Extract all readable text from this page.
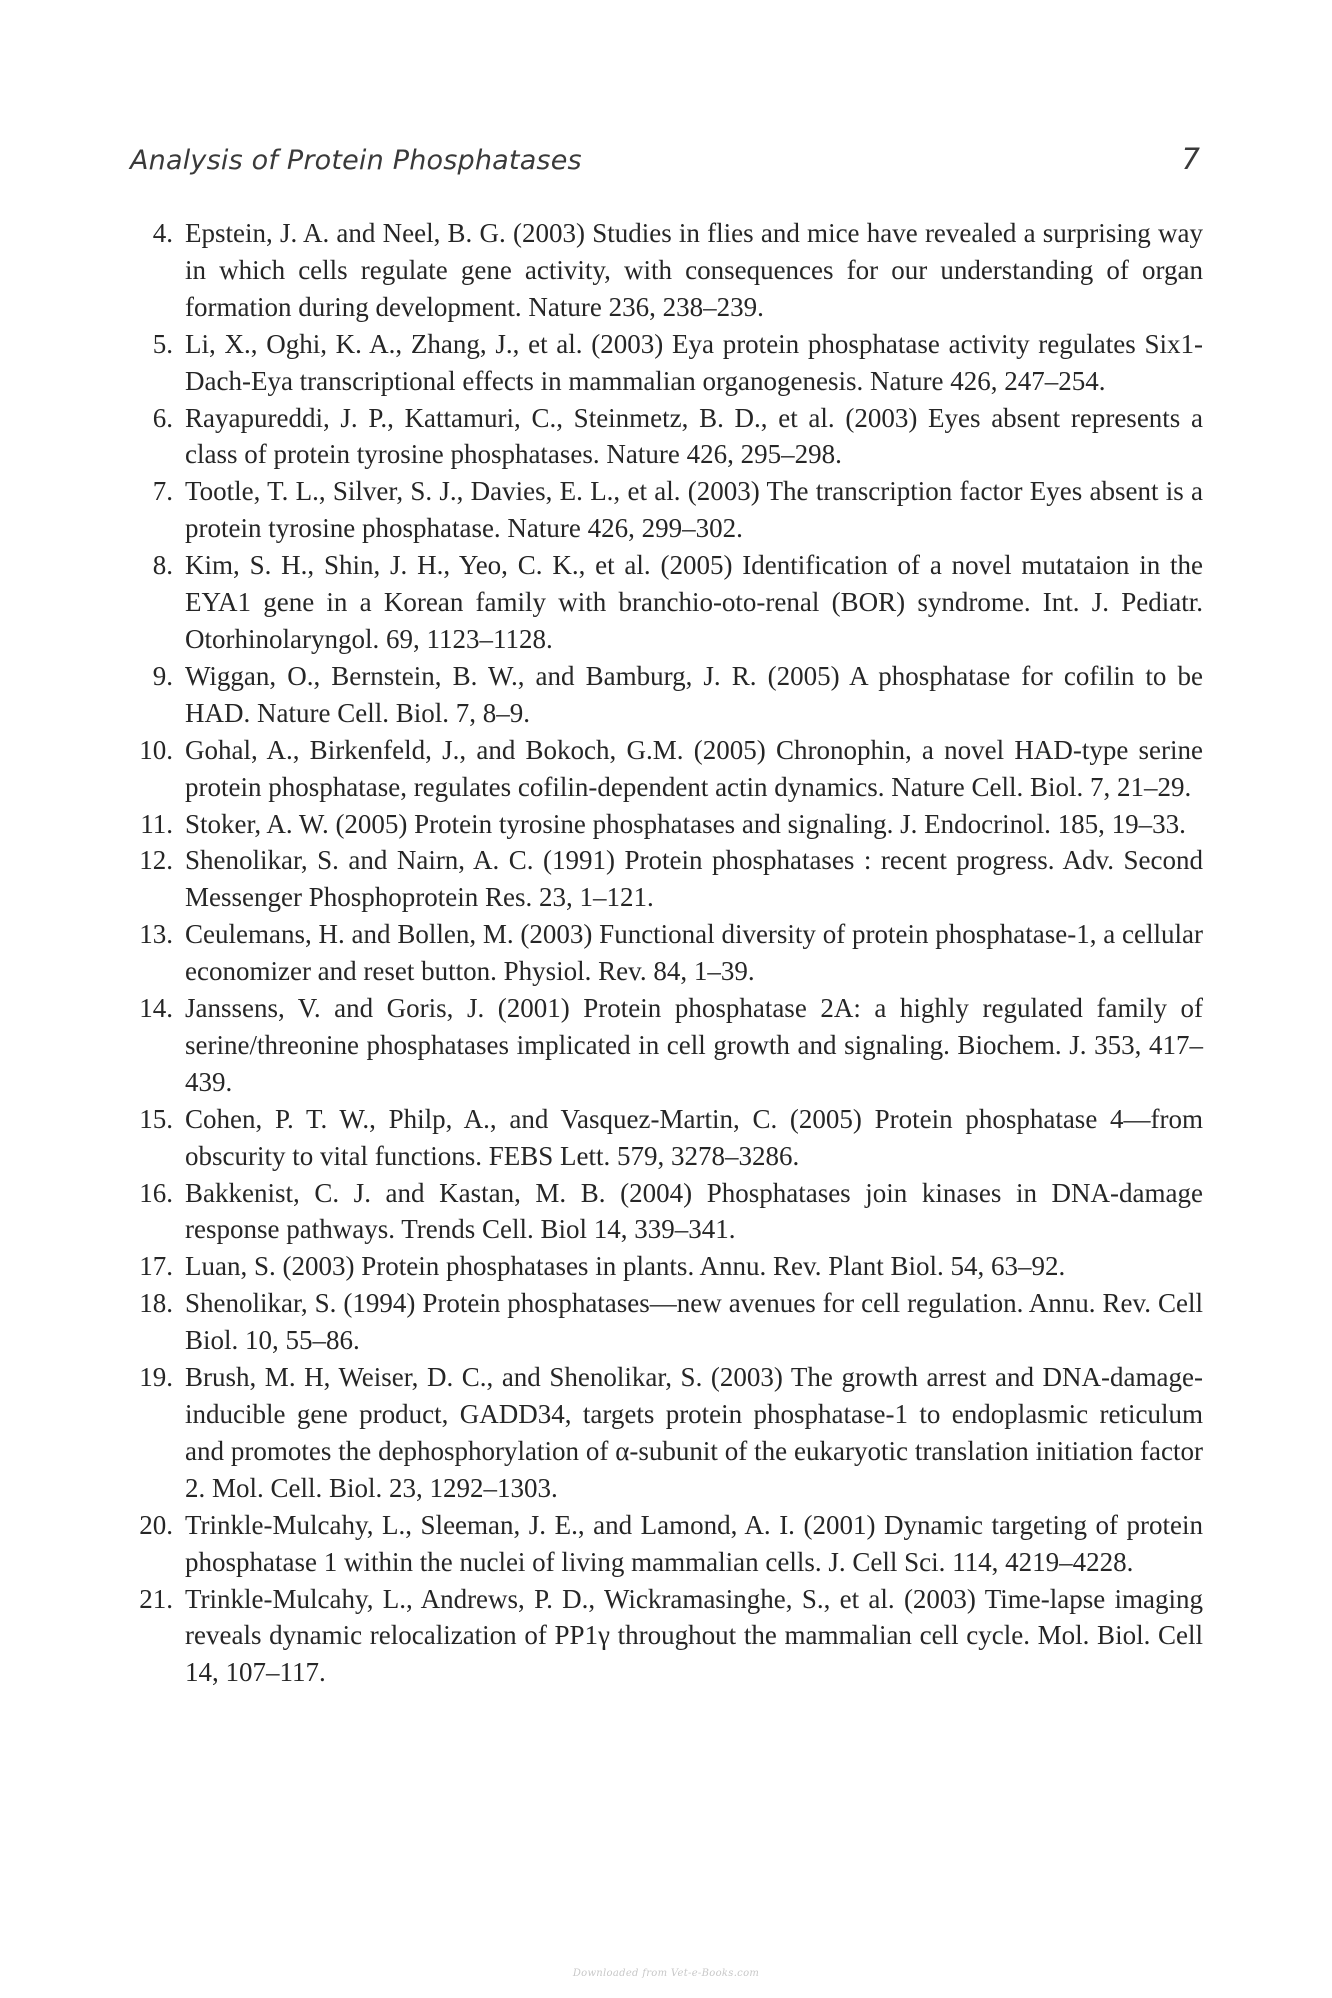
Analysis of Protein Phosphatases	7
4. Epstein, J. A. and Neel, B. G. (2003) Studies in flies and mice have revealed a surprising way in which cells regulate gene activity, with consequences for our understanding of organ formation during development. Nature 236, 238–239.
5. Li, X., Oghi, K. A., Zhang, J., et al. (2003) Eya protein phosphatase activity regulates Six1-Dach-Eya transcriptional effects in mammalian organogenesis. Nature 426, 247–254.
6. Rayapureddi, J. P., Kattamuri, C., Steinmetz, B. D., et al. (2003) Eyes absent represents a class of protein tyrosine phosphatases. Nature 426, 295–298.
7. Tootle, T. L., Silver, S. J., Davies, E. L., et al. (2003) The transcription factor Eyes absent is a protein tyrosine phosphatase. Nature 426, 299–302.
8. Kim, S. H., Shin, J. H., Yeo, C. K., et al. (2005) Identification of a novel mutataion in the EYA1 gene in a Korean family with branchio-oto-renal (BOR) syndrome. Int. J. Pediatr. Otorhinolaryngol. 69, 1123–1128.
9. Wiggan, O., Bernstein, B. W., and Bamburg, J. R. (2005) A phosphatase for cofilin to be HAD. Nature Cell. Biol. 7, 8–9.
10. Gohal, A., Birkenfeld, J., and Bokoch, G.M. (2005) Chronophin, a novel HAD-type serine protein phosphatase, regulates cofilin-dependent actin dynamics. Nature Cell. Biol. 7, 21–29.
11. Stoker, A. W. (2005) Protein tyrosine phosphatases and signaling. J. Endocrinol. 185, 19–33.
12. Shenolikar, S. and Nairn, A. C. (1991) Protein phosphatases : recent progress. Adv. Second Messenger Phosphoprotein Res. 23, 1–121.
13. Ceulemans, H. and Bollen, M. (2003) Functional diversity of protein phosphatase-1, a cellular economizer and reset button. Physiol. Rev. 84, 1–39.
14. Janssens, V. and Goris, J. (2001) Protein phosphatase 2A: a highly regulated family of serine/threonine phosphatases implicated in cell growth and signaling. Biochem. J. 353, 417–439.
15. Cohen, P. T. W., Philp, A., and Vasquez-Martin, C. (2005) Protein phosphatase 4—from obscurity to vital functions. FEBS Lett. 579, 3278–3286.
16. Bakkenist, C. J. and Kastan, M. B. (2004) Phosphatases join kinases in DNA-damage response pathways. Trends Cell. Biol 14, 339–341.
17. Luan, S. (2003) Protein phosphatases in plants. Annu. Rev. Plant Biol. 54, 63–92.
18. Shenolikar, S. (1994) Protein phosphatases—new avenues for cell regulation. Annu. Rev. Cell Biol. 10, 55–86.
19. Brush, M. H, Weiser, D. C., and Shenolikar, S. (2003) The growth arrest and DNA-damage-inducible gene product, GADD34, targets protein phosphatase-1 to endoplasmic reticulum and promotes the dephosphorylation of α-subunit of the eukaryotic translation initiation factor 2. Mol. Cell. Biol. 23, 1292–1303.
20. Trinkle-Mulcahy, L., Sleeman, J. E., and Lamond, A. I. (2001) Dynamic targeting of protein phosphatase 1 within the nuclei of living mammalian cells. J. Cell Sci. 114, 4219–4228.
21. Trinkle-Mulcahy, L., Andrews, P. D., Wickramasinghe, S., et al. (2003) Time-lapse imaging reveals dynamic relocalization of PP1γ throughout the mammalian cell cycle. Mol. Biol. Cell 14, 107–117.
Downloaded from Vet-e-Books.com
